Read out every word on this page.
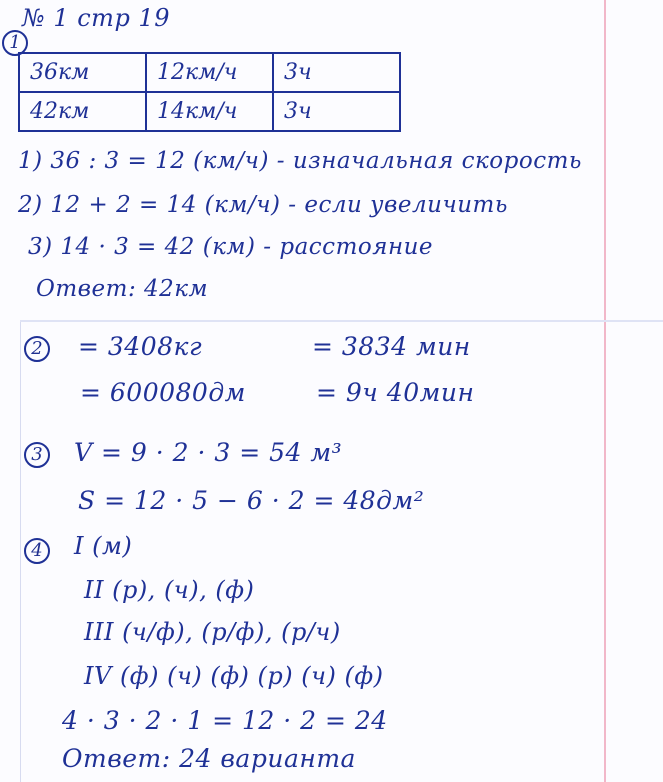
1
№ 1 стр 19
36км	12км/ч	3ч
42км	14км/ч	3ч
1) 36 : 3 = 12 (км/ч) - изначальная скорость
2) 12 + 2 = 14 (км/ч) - если увеличить
3) 14 · 3 = 42 (км) - расстояние
Ответ: 42км
2 = 3408кг	= 3834 мин
= 600080дм	= 9ч 40мин
3 V = 9 · 2 · 3 = 54 м³
S = 12 · 5 − 6 · 2 = 48дм²
4	I (м)
II (р), (ч), (ф)
III (ч/ф), (р/ф), (р/ч)
IV (ф) (ч) (ф) (р) (ч) (ф)
4 · 3 · 2 · 1 = 12 · 2 = 24
Ответ: 24 варианта
